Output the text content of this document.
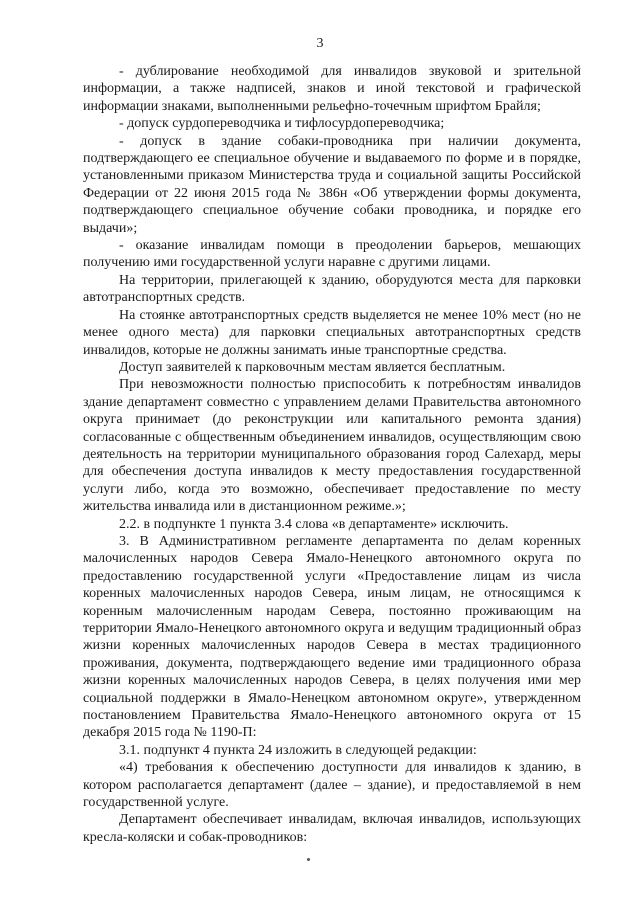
3

- дублирование необходимой для инвалидов звуковой и зрительной информации, а также надписей, знаков и иной текстовой и графической информации знаками, выполненными рельефно-точечным шрифтом Брайля;

- допуск сурдопереводчика и тифлосурдопереводчика;

- допуск в здание собаки-проводника при наличии документа, подтверждающего ее специальное обучение и выдаваемого по форме и в порядке, установленными приказом Министерства труда и социальной защиты Российской Федерации от 22 июня 2015 года № 386н «Об утверждении формы документа, подтверждающего специальное обучение собаки проводника, и порядке его выдачи»;

- оказание инвалидам помощи в преодолении барьеров, мешающих получению ими государственной услуги наравне с другими лицами.

На территории, прилегающей к зданию, оборудуются места для парковки автотранспортных средств.

На стоянке автотранспортных средств выделяется не менее 10% мест (но не менее одного места) для парковки специальных автотранспортных средств инвалидов, которые не должны занимать иные транспортные средства.

Доступ заявителей к парковочным местам является бесплатным.

При невозможности полностью приспособить к потребностям инвалидов здание департамент совместно с управлением делами Правительства автономного округа принимает (до реконструкции или капитального ремонта здания) согласованные с общественным объединением инвалидов, осуществляющим свою деятельность на территории муниципального образования город Салехард, меры для обеспечения доступа инвалидов к месту предоставления государственной услуги либо, когда это возможно, обеспечивает предоставление по месту жительства инвалида или в дистанционном режиме.»;

2.2. в подпункте 1 пункта 3.4 слова «в департаменте» исключить.

3. В Административном регламенте департамента по делам коренных малочисленных народов Севера Ямало-Ненецкого автономного округа по предоставлению государственной услуги «Предоставление лицам из числа коренных малочисленных народов Севера, иным лицам, не относящимся к коренным малочисленным народам Севера, постоянно проживающим на территории Ямало-Ненецкого автономного округа и ведущим традиционный образ жизни коренных малочисленных народов Севера в местах традиционного проживания, документа, подтверждающего ведение ими традиционного образа жизни коренных малочисленных народов Севера, в целях получения ими мер социальной поддержки в Ямало-Ненецком автономном округе», утвержденном постановлением Правительства Ямало-Ненецкого автономного округа от 15 декабря 2015 года № 1190-П:

3.1. подпункт 4 пункта 24 изложить в следующей редакции:

«4) требования к обеспечению доступности для инвалидов к зданию, в котором располагается департамент (далее – здание), и предоставляемой в нем государственной услуге.

Департамент обеспечивает инвалидам, включая инвалидов, использующих кресла-коляски и собак-проводников:
